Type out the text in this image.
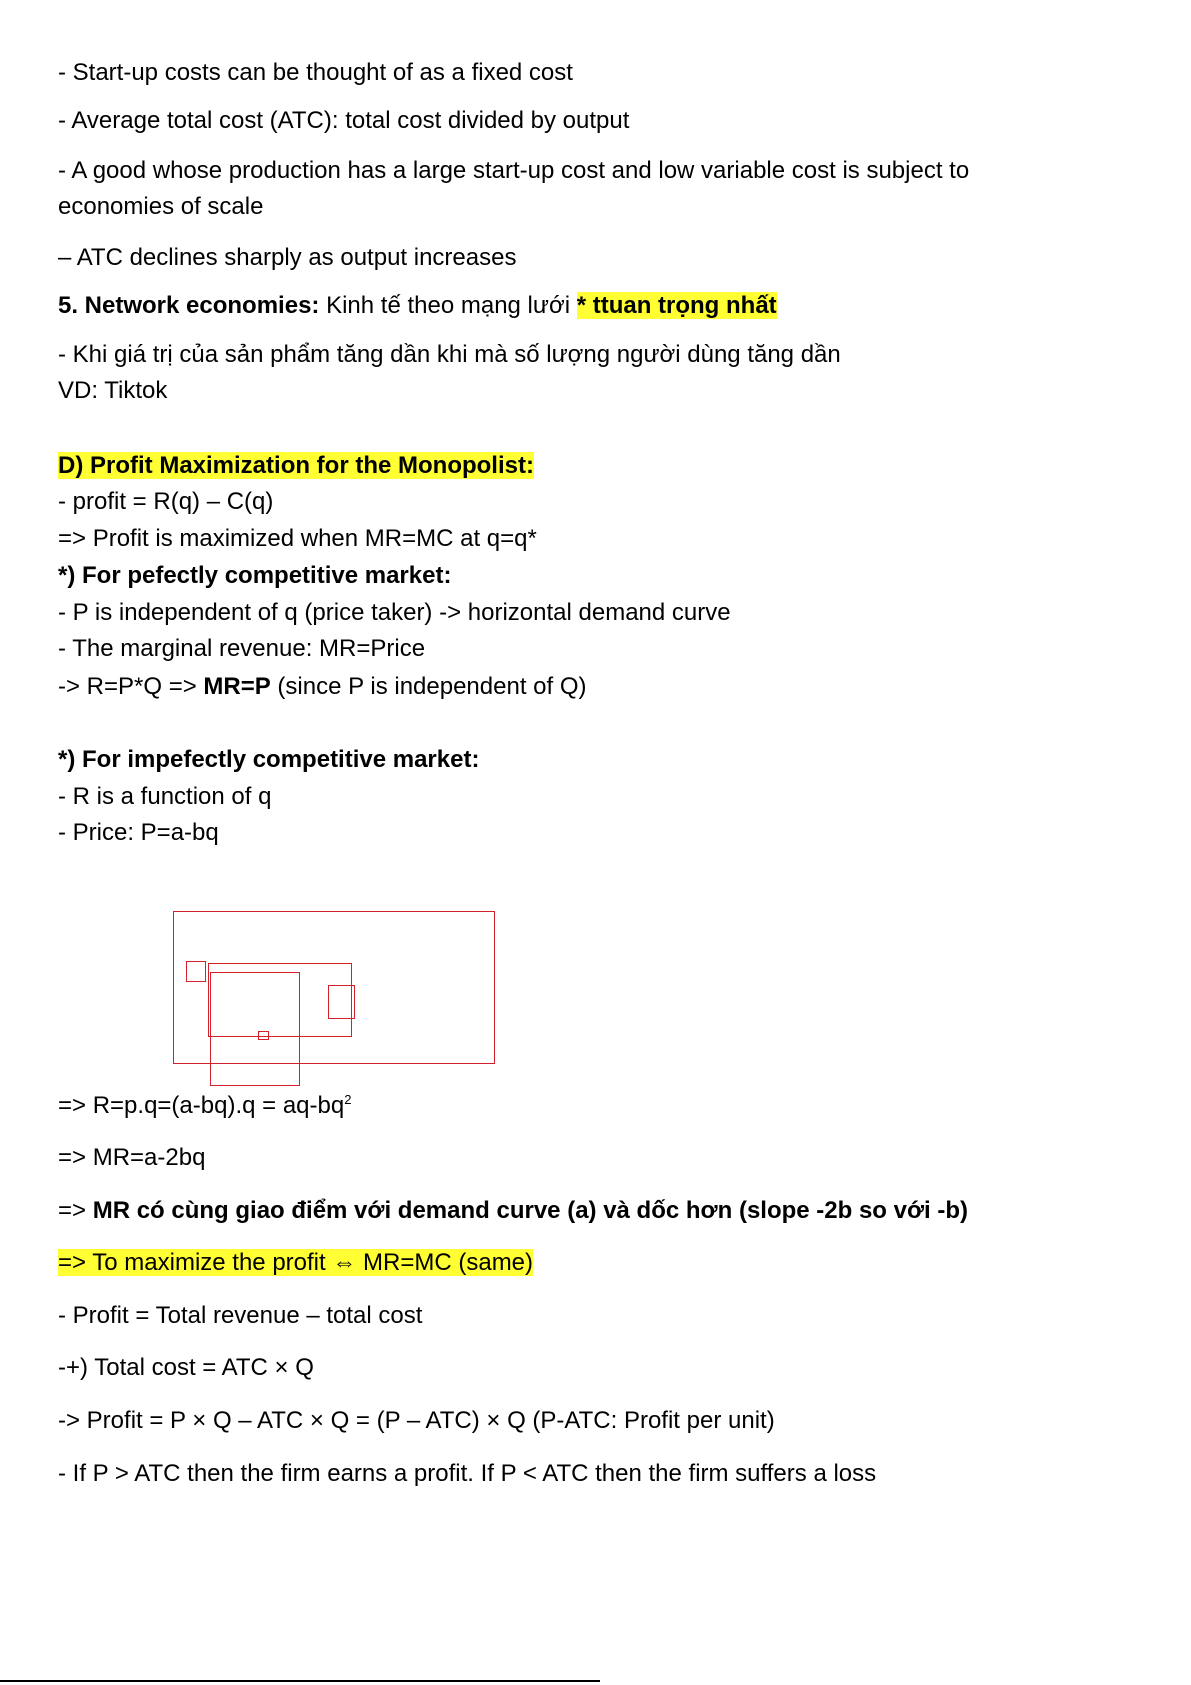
- Start-up costs can be thought of as a fixed cost
- Average total cost (ATC): total cost divided by output
- A good whose production has a large start-up cost and low variable cost is subject to
economies of scale
– ATC declines sharply as output increases
5. Network economies: Kinh tế theo mạng lưới * ttuan trọng nhất
- Khi giá trị của sản phẩm tăng dần khi mà số lượng người dùng tăng dần
VD: Tiktok
D) Profit Maximization for the Monopolist:
- profit = R(q) – C(q)
=> Profit is maximized when MR=MC at q=q*
*) For pefectly competitive market:
- P is independent of q (price taker) -> horizontal demand curve
- The marginal revenue: MR=Price
-> R=P*Q => MR=P (since P is independent of Q)
*) For impefectly competitive market:
- R is a function of q
- Price: P=a-bq
=> $R=p.q=(a-bq).q = aq-bq^2$
=> MR=a-2bq
=> MR có cùng giao điểm với demand curve (a) và dốc hơn (slope -2b so với -b)
=> To maximize the profit ⇔ MR=MC (same)
- Profit = Total revenue – total cost
-+) Total cost = ATC × Q
-> Profit = P × Q – ATC × Q = (P – ATC) × Q (P-ATC: Profit per unit)
- If P > ATC then the firm earns a profit. If P < ATC then the firm suffers a loss
